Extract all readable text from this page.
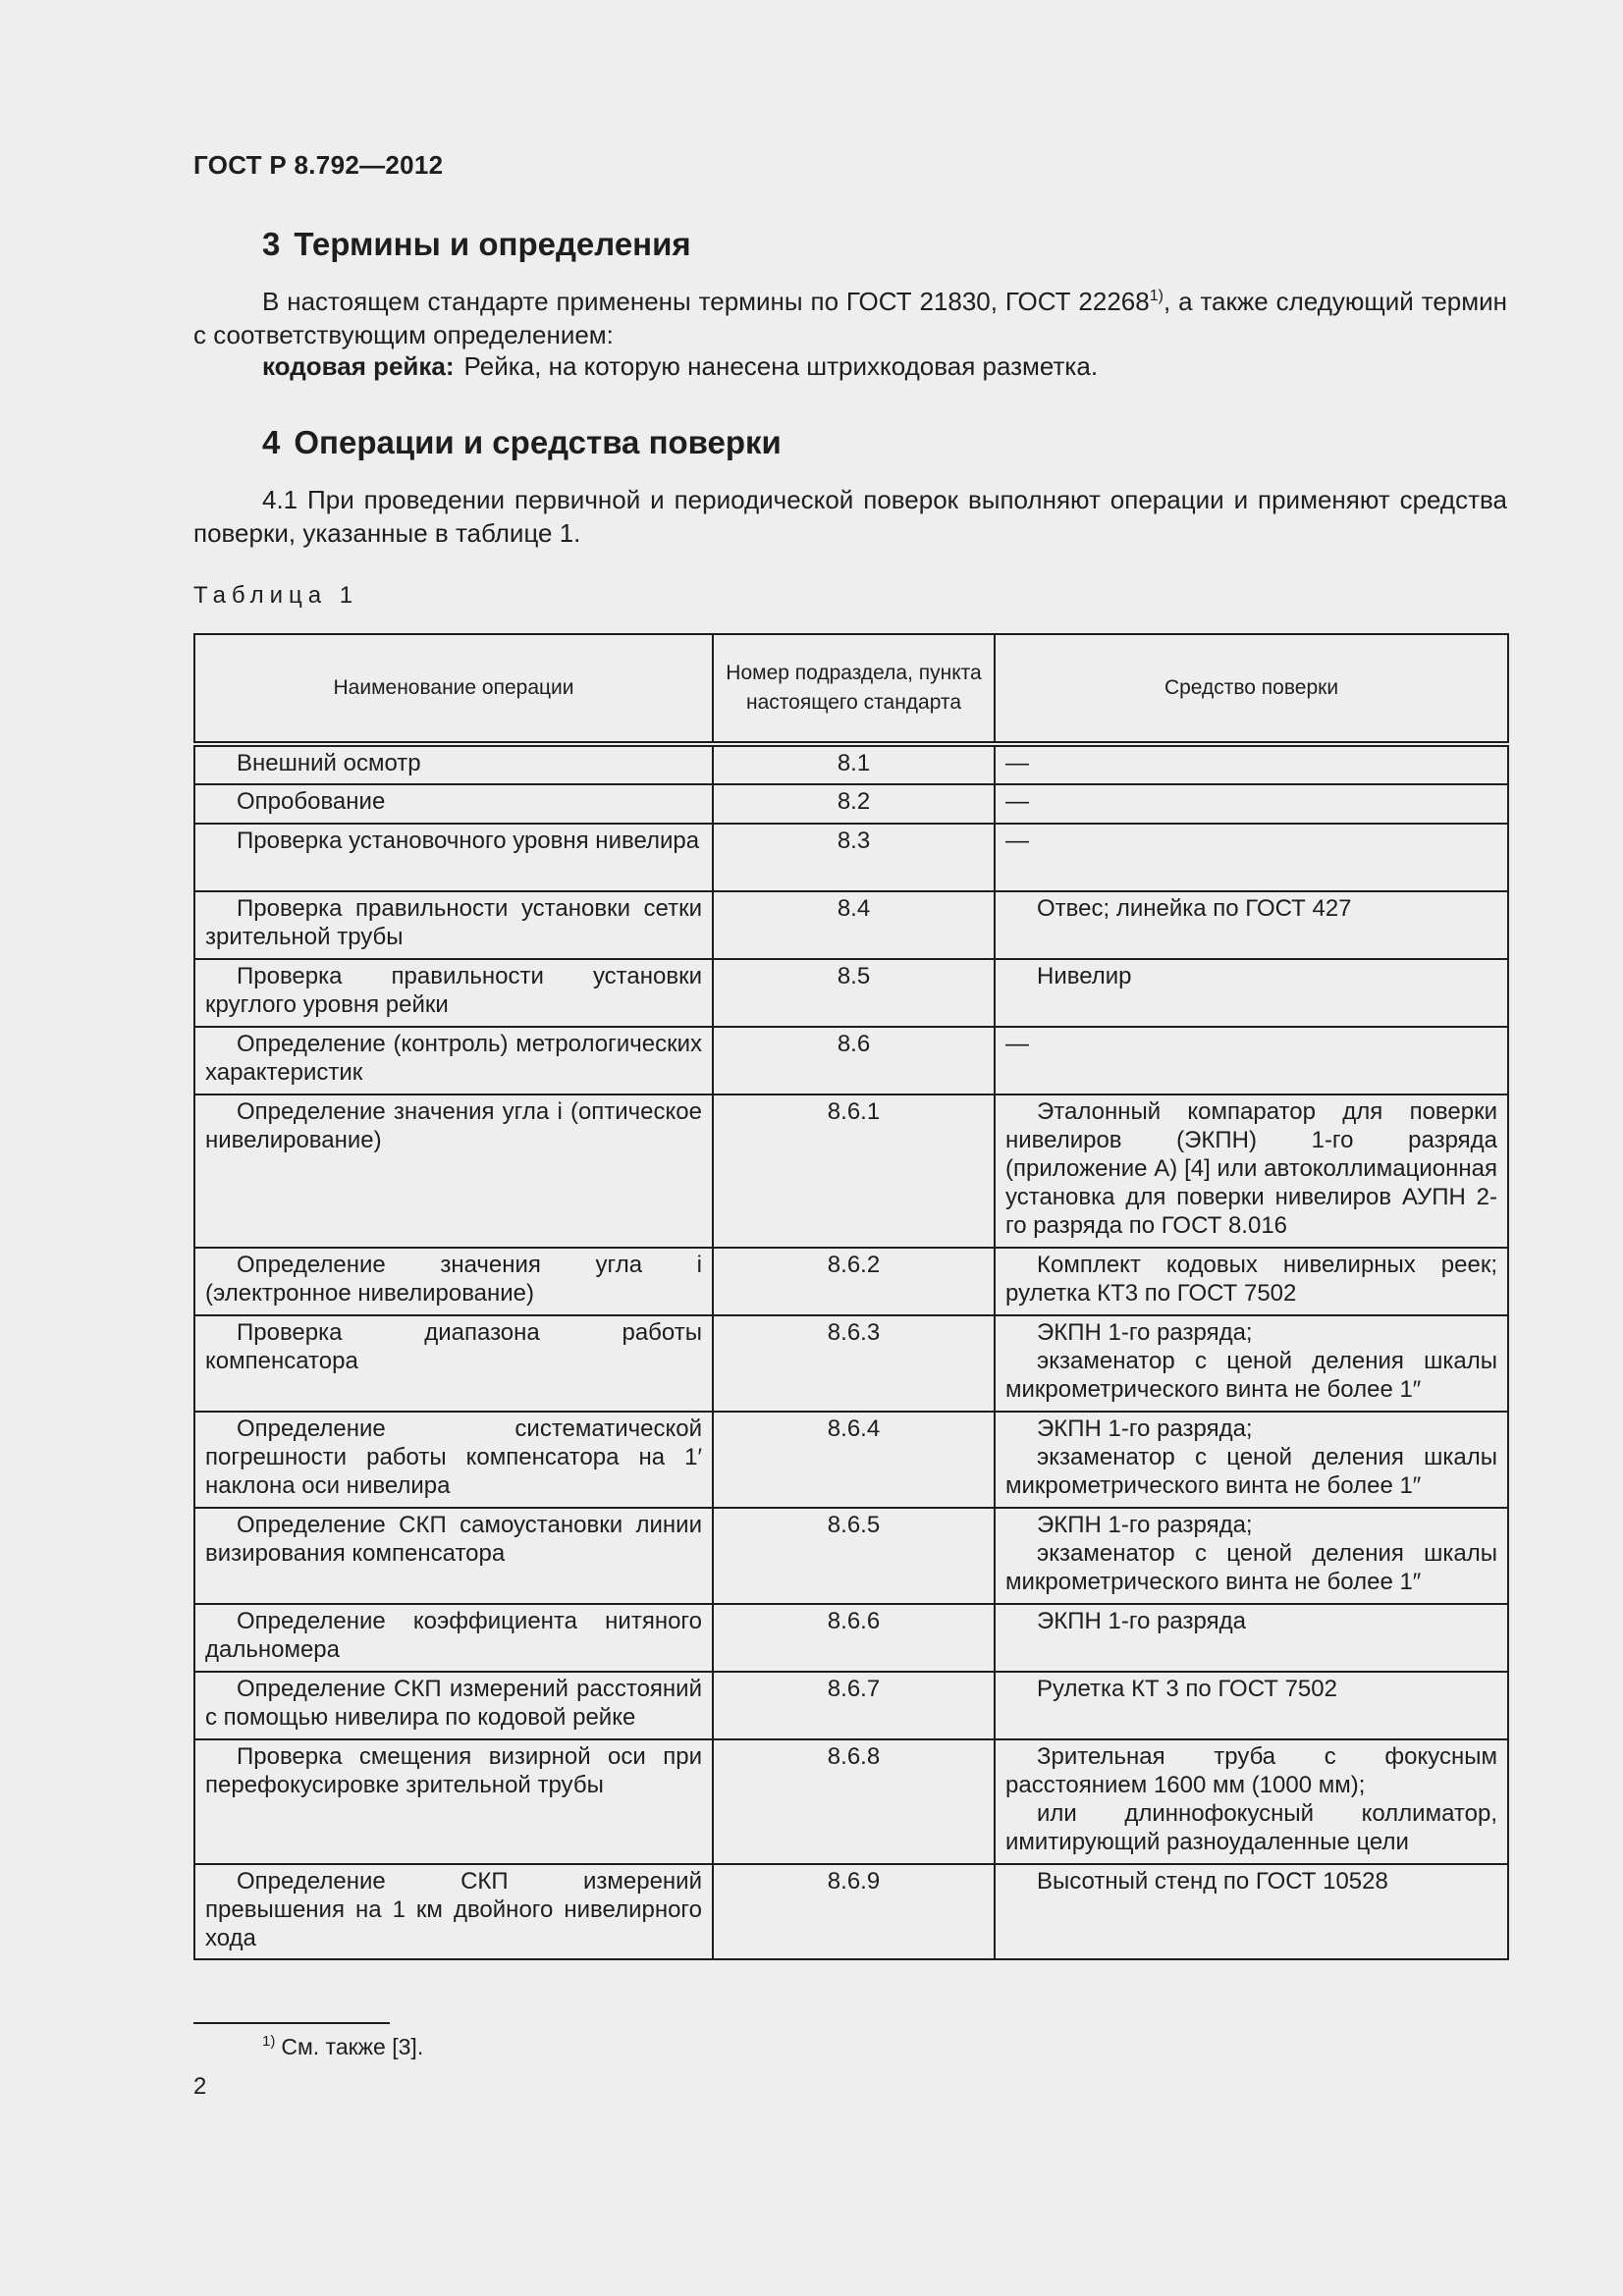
ГОСТ Р 8.792—2012
3 Термины и определения
В настоящем стандарте применены термины по ГОСТ 21830, ГОСТ 22268$^{1)}$, а также следующий термин с соответствующим определением:
кодовая рейка: Рейка, на которую нанесена штрихкодовая разметка.
4 Операции и средства поверки
4.1 При проведении первичной и периодической поверок выполняют операции и применяют средства поверки, указанные в таблице 1.
Таблица 1
Наименование операции	Номер подраздела, пункта настоящего стандарта	Средство поверки
Внешний осмотр	8.1	—

Опробование	8.2	—

Проверка установочного уровня нивелира	8.3	—

Проверка правильности установки сетки зрительной трубы	8.4	Отвес; линейка по ГОСТ 427

Проверка правильности установки круглого уровня рейки	8.5	Нивелир

Определение (контроль) метрологических характеристик	8.6	—

Определение значения угла i (оптическое нивелирование)	8.6.1	Эталонный компаратор для поверки нивелиров (ЭКПН) 1-го разряда (приложение А) [4] или автоколлимационная установка для поверки нивелиров АУПН 2-го разряда по ГОСТ 8.016

Определение значения угла i (электронное нивелирование)	8.6.2	Комплект кодовых нивелирных реек; рулетка КТ3 по ГОСТ 7502

Проверка диапазона работы компенсатора	8.6.3	ЭКПН 1-го разряда;
экзаменатор с ценой деления шкалы микрометрического винта не более 1″

Определение систематической погрешности работы компенсатора на 1′ наклона оси нивелира	8.6.4	ЭКПН 1-го разряда;
экзаменатор с ценой деления шкалы микрометрического винта не более 1″

Определение СКП самоустановки линии визирования компенсатора	8.6.5	ЭКПН 1-го разряда;
экзаменатор с ценой деления шкалы микрометрического винта не более 1″

Определение коэффициента нитяного дальномера	8.6.6	ЭКПН 1-го разряда

Определение СКП измерений расстояний с помощью нивелира по кодовой рейке	8.6.7	Рулетка КТ 3 по ГОСТ 7502

Проверка смещения визирной оси при перефокусировке зрительной трубы	8.6.8	Зрительная труба с фокусным расстоянием 1600 мм (1000 мм);
или длиннофокусный коллиматор, имитирующий разноудаленные цели

Определение СКП измерений превышения на 1 км двойного нивелирного хода	8.6.9	Высотный стенд по ГОСТ 10528
$^{1)}$ См. также [3].
2
